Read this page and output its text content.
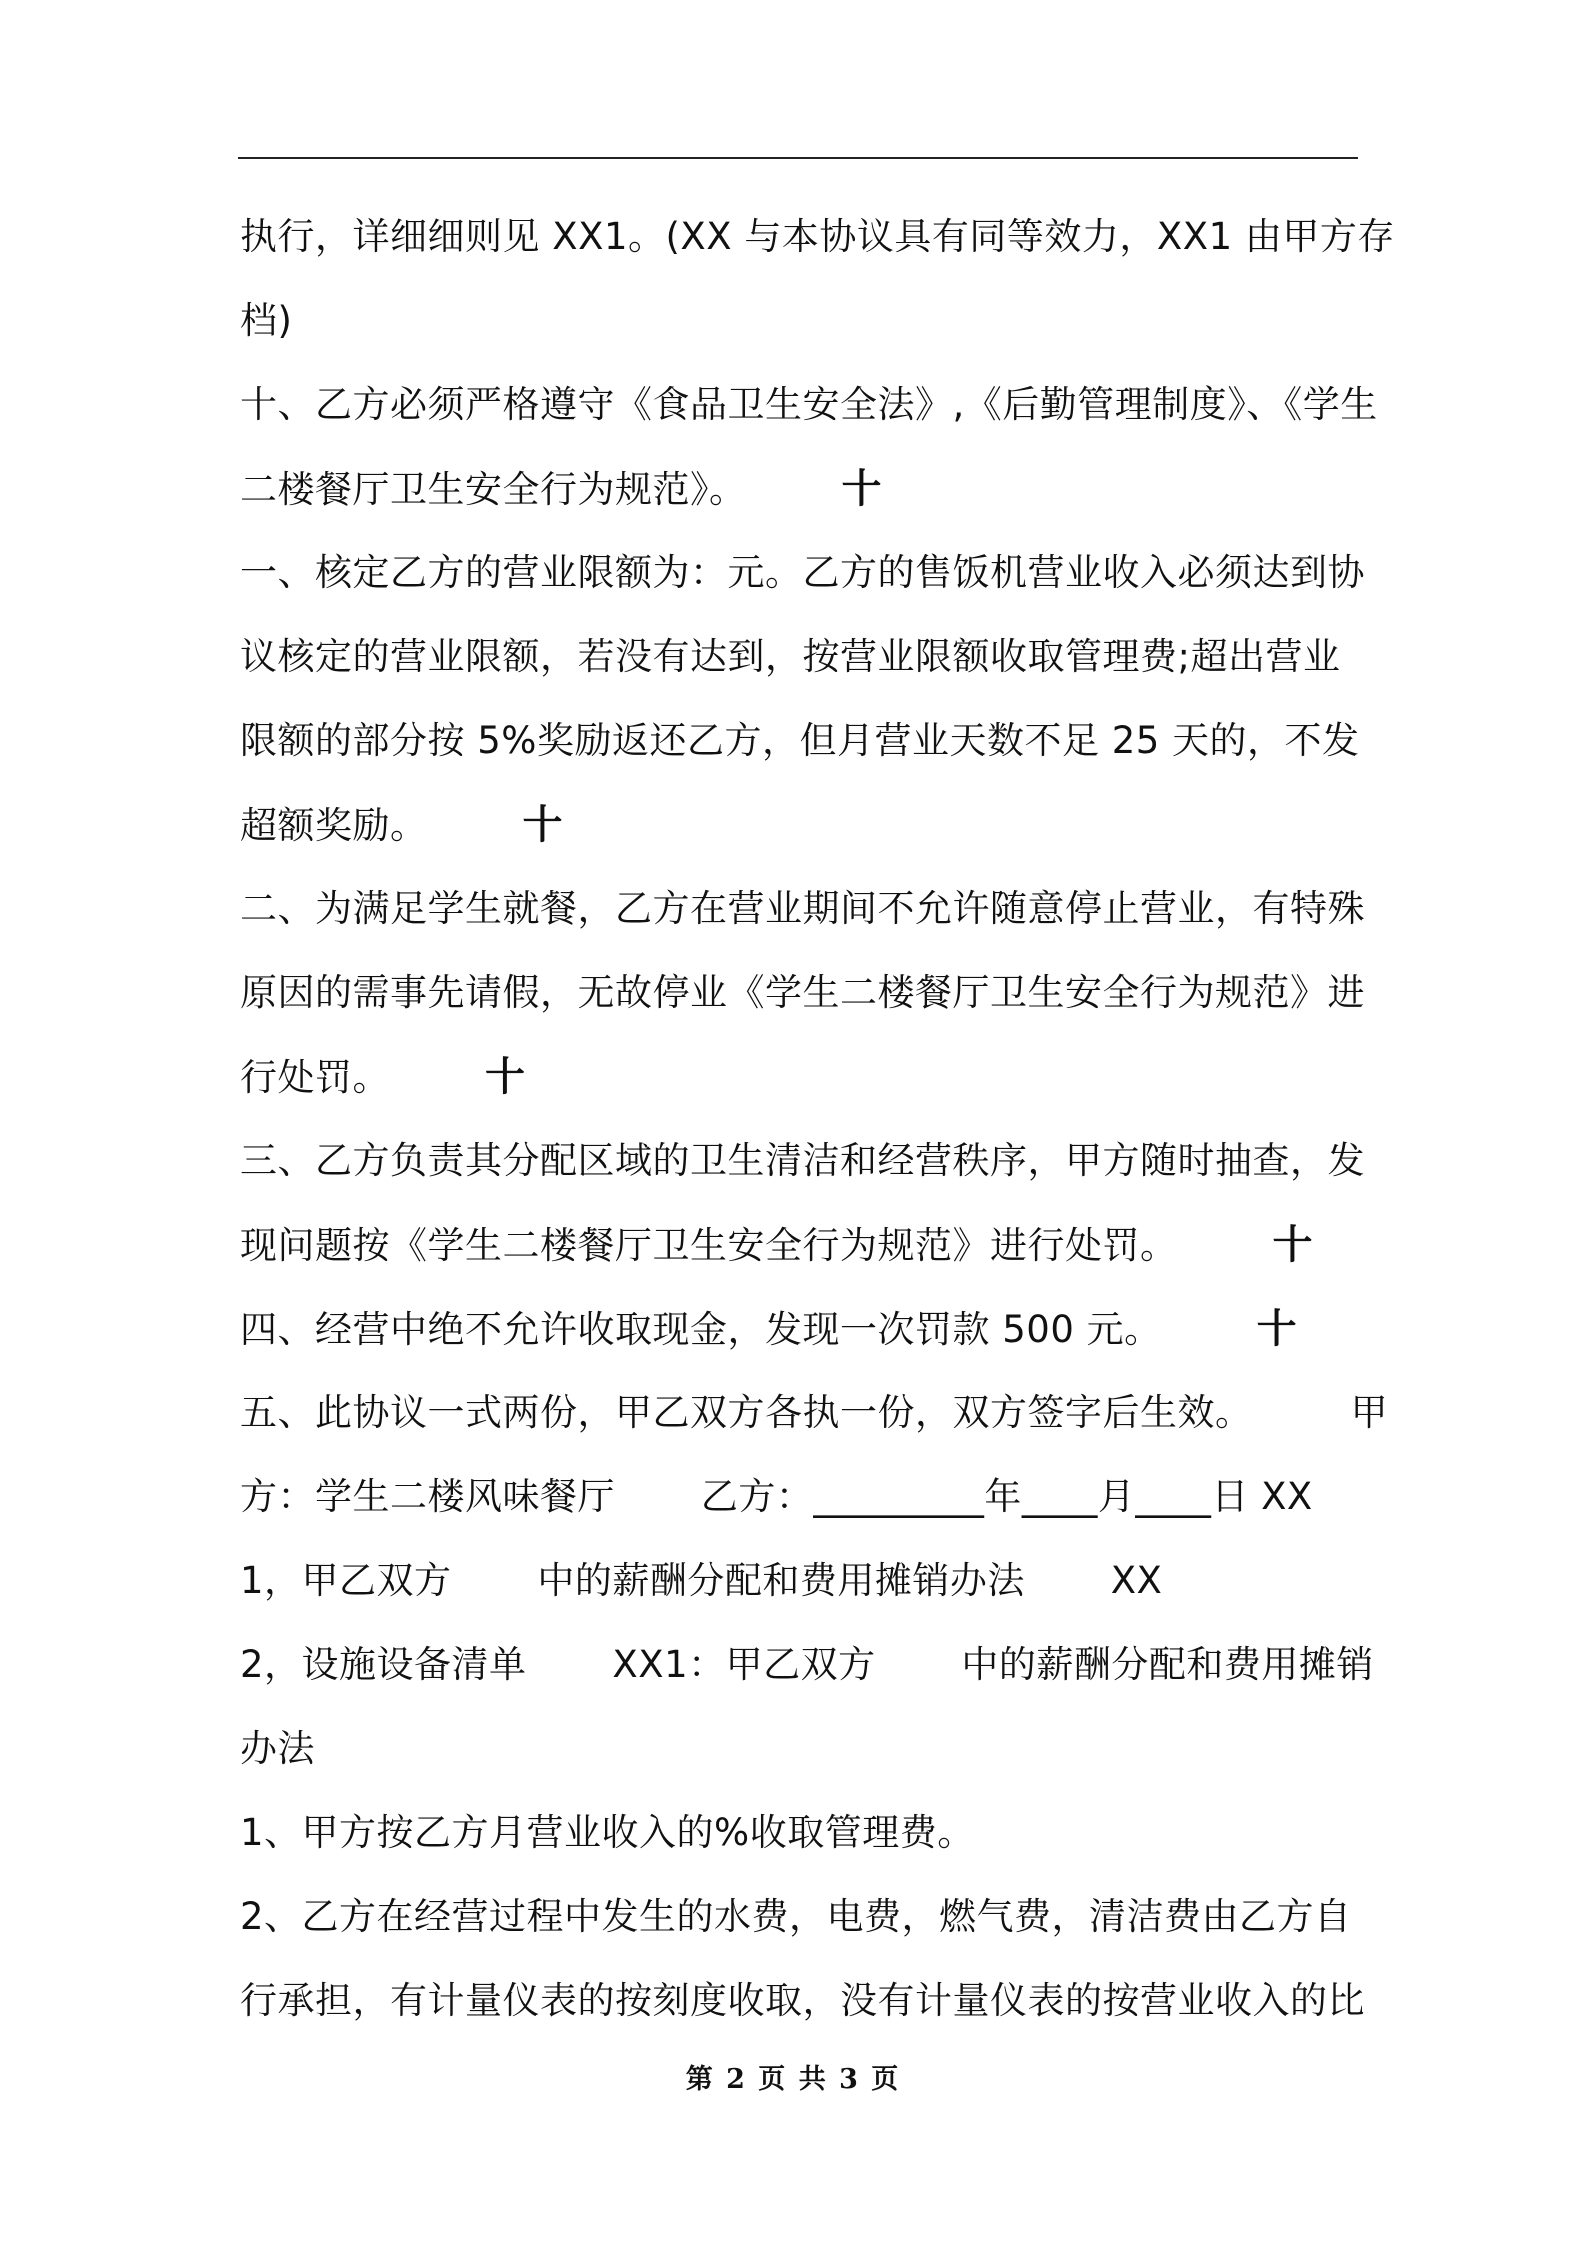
执行，详细细则见 XX1。(XX 与本协议具有同等效力，XX1 由甲方存
档)
十、乙方必须严格遵守《食品卫生安全法》,《后勤管理制度》、《学生
二楼餐厅卫生安全行为规范》。 十
一、核定乙方的营业限额为：元。乙方的售饭机营业收入必须达到协
议核定的营业限额，若没有达到，按营业限额收取管理费;超出营业
限额的部分按 5%奖励返还乙方，但月营业天数不足 25 天的，不发
超额奖励。 十
二、为满足学生就餐，乙方在营业期间不允许随意停止营业，有特殊
原因的需事先请假，无故停业《学生二楼餐厅卫生安全行为规范》进
行处罚。 十
三、乙方负责其分配区域的卫生清洁和经营秩序，甲方随时抽查，发
现问题按《学生二楼餐厅卫生安全行为规范》进行处罚。 十
四、经营中绝不允许收取现金，发现一次罚款 500 元。 十
五、此协议一式两份，甲乙双方各执一份，双方签字后生效。        甲
方：学生二楼风味餐厅       乙方：_________年____月____日 XX
1，甲乙双方       中的薪酬分配和费用摊销办法       XX
2，设施设备清单       XX1：甲乙双方       中的薪酬分配和费用摊销
办法
1、甲方按乙方月营业收入的%收取管理费。
2、乙方在经营过程中发生的水费，电费，燃气费，清洁费由乙方自
行承担，有计量仪表的按刻度收取，没有计量仪表的按营业收入的比
第 2 页 共 3 页
